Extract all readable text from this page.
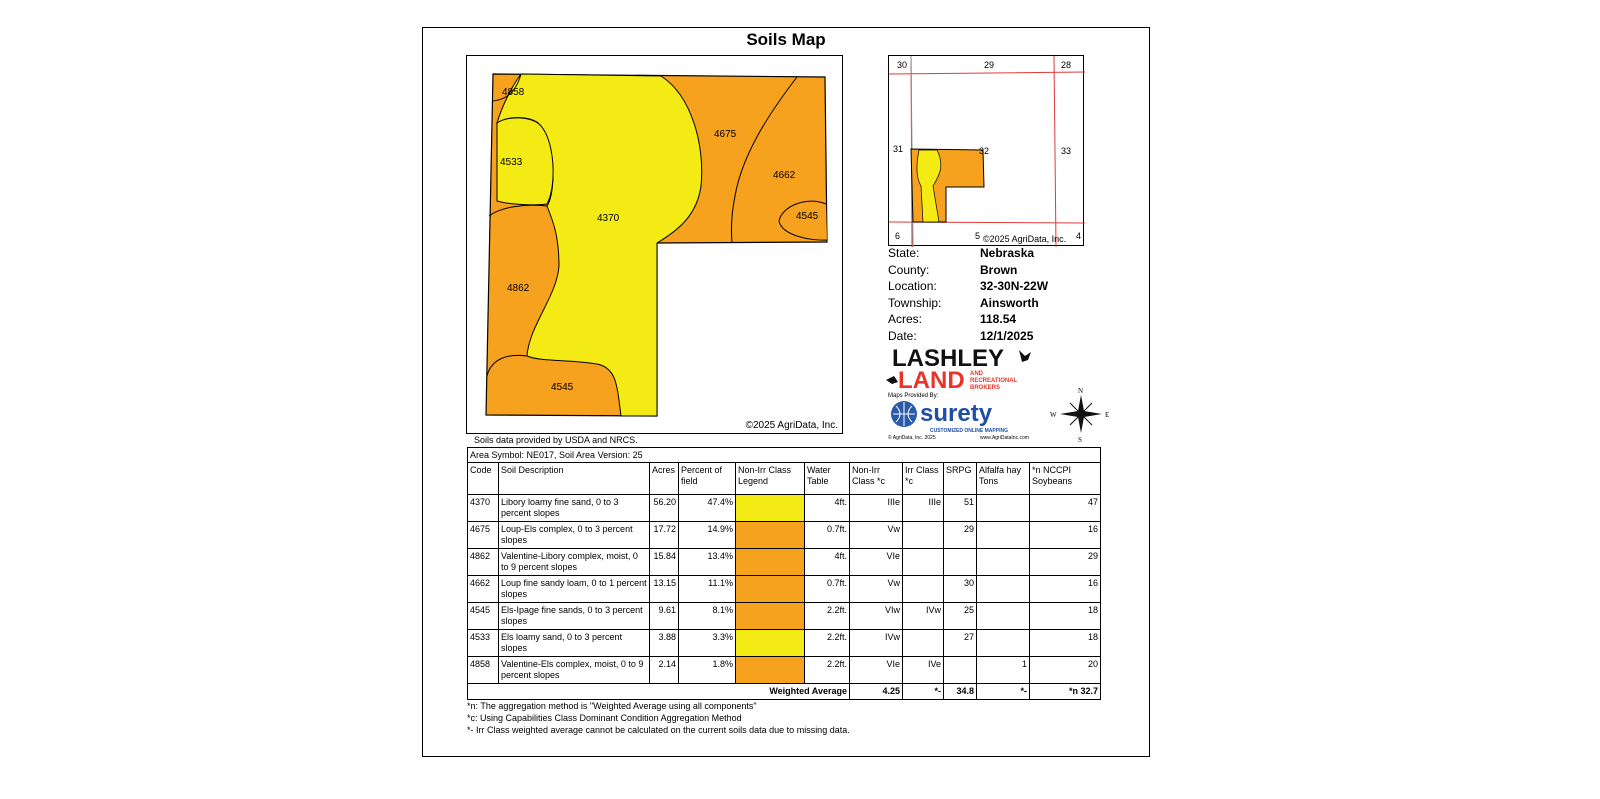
Soils Map
4858
4675
4533
4662
4545
4370
4862
4545
©2025 AgriData, Inc.
30	29	28
31	32	33
6	5	4
©2025 AgriData, Inc.
State:	Nebraska
County:	Brown
Location:	32-30N-22W
Township:	Ainsworth
Acres:	118.54
Date:	12/1/2025
LASHLEY
LAND AND
RECREATIONAL
BROKERS
Maps Provided By:
surety
CUSTOMIZED ONLINE MAPPING
© AgriData, Inc. 2025	www.AgriDataInc.com
N
E
S
W
Soils data provided by USDA and NRCS.
Area Symbol: NE017, Soil Area Version: 25										
Code	Soil Description	Acres	Percent of field	Non-Irr Class Legend	Water Table	Non-Irr Class *c	Irr Class *c	SRPG	Alfalfa hay Tons	*n NCCPI Soybeans
4370	Libory loamy fine sand, 0 to 3 percent slopes	56.20	47.4%		4ft.	IIIe	IIIe	51		47
4675	Loup-Els complex, 0 to 3 percent slopes	17.72	14.9%		0.7ft.	Vw		29		16
4862	Valentine-Libory complex, moist, 0 to 9 percent slopes	15.84	13.4%		4ft.	VIe				29
4662	Loup fine sandy loam, 0 to 1 percent slopes	13.15	11.1%		0.7ft.	Vw		30		16
4545	Els-Ipage fine sands, 0 to 3 percent slopes	9.61	8.1%		2.2ft.	VIw	IVw	25		18
4533	Els loamy sand, 0 to 3 percent slopes	3.88	3.3%		2.2ft.	IVw		27		18
4858	Valentine-Els complex, moist, 0 to 9 percent slopes	2.14	1.8%		2.2ft.	VIe	IVe		1	20
Weighted Average						4.25	*-	34.8	*-	*n 32.7
*n: The aggregation method is "Weighted Average using all components"
*c: Using Capabilities Class Dominant Condition Aggregation Method
*- Irr Class weighted average cannot be calculated on the current soils data due to missing data.
